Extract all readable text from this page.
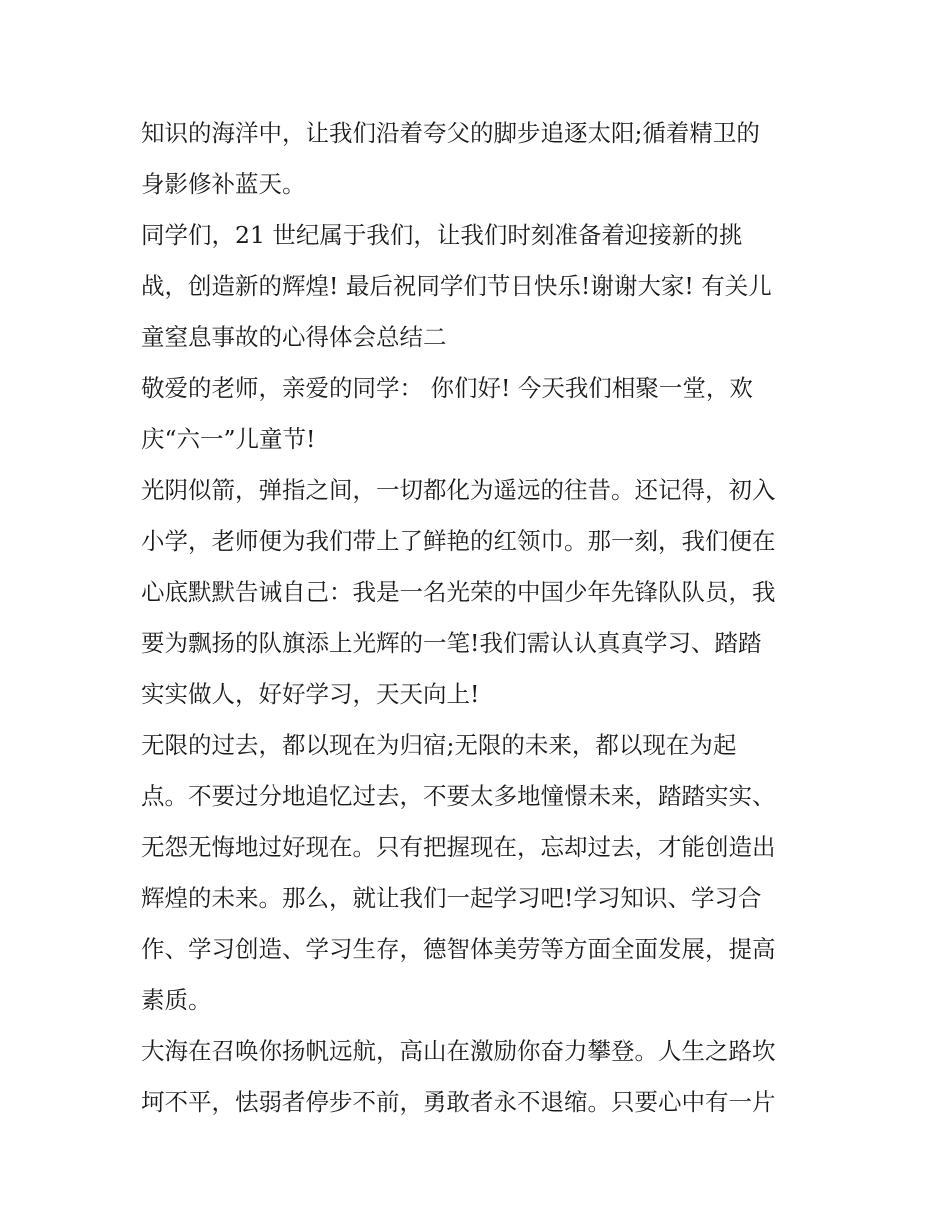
知识的海洋中，让我们沿着夸父的脚步追逐太阳;循着精卫的
身影修补蓝天。
同学们，21 世纪属于我们，让我们时刻准备着迎接新的挑
战，创造新的辉煌! 最后祝同学们节日快乐!谢谢大家! 有关儿
童窒息事故的心得体会总结二
敬爱的老师，亲爱的同学： 你们好! 今天我们相聚一堂，欢
庆“六一”儿童节!
光阴似箭，弹指之间，一切都化为遥远的往昔。还记得，初入
小学，老师便为我们带上了鲜艳的红领巾。那一刻，我们便在
心底默默告诫自己：我是一名光荣的中国少年先锋队队员，我
要为飘扬的队旗添上光辉的一笔!我们需认认真真学习、踏踏
实实做人，好好学习，天天向上!
无限的过去，都以现在为归宿;无限的未来，都以现在为起
点。不要过分地追忆过去，不要太多地憧憬未来，踏踏实实、
无怨无悔地过好现在。只有把握现在，忘却过去，才能创造出
辉煌的未来。那么，就让我们一起学习吧!学习知识、学习合
作、学习创造、学习生存，德智体美劳等方面全面发展，提高
素质。
大海在召唤你扬帆远航，高山在激励你奋力攀登。人生之路坎
坷不平，怯弱者停步不前，勇敢者永不退缩。只要心中有一片
